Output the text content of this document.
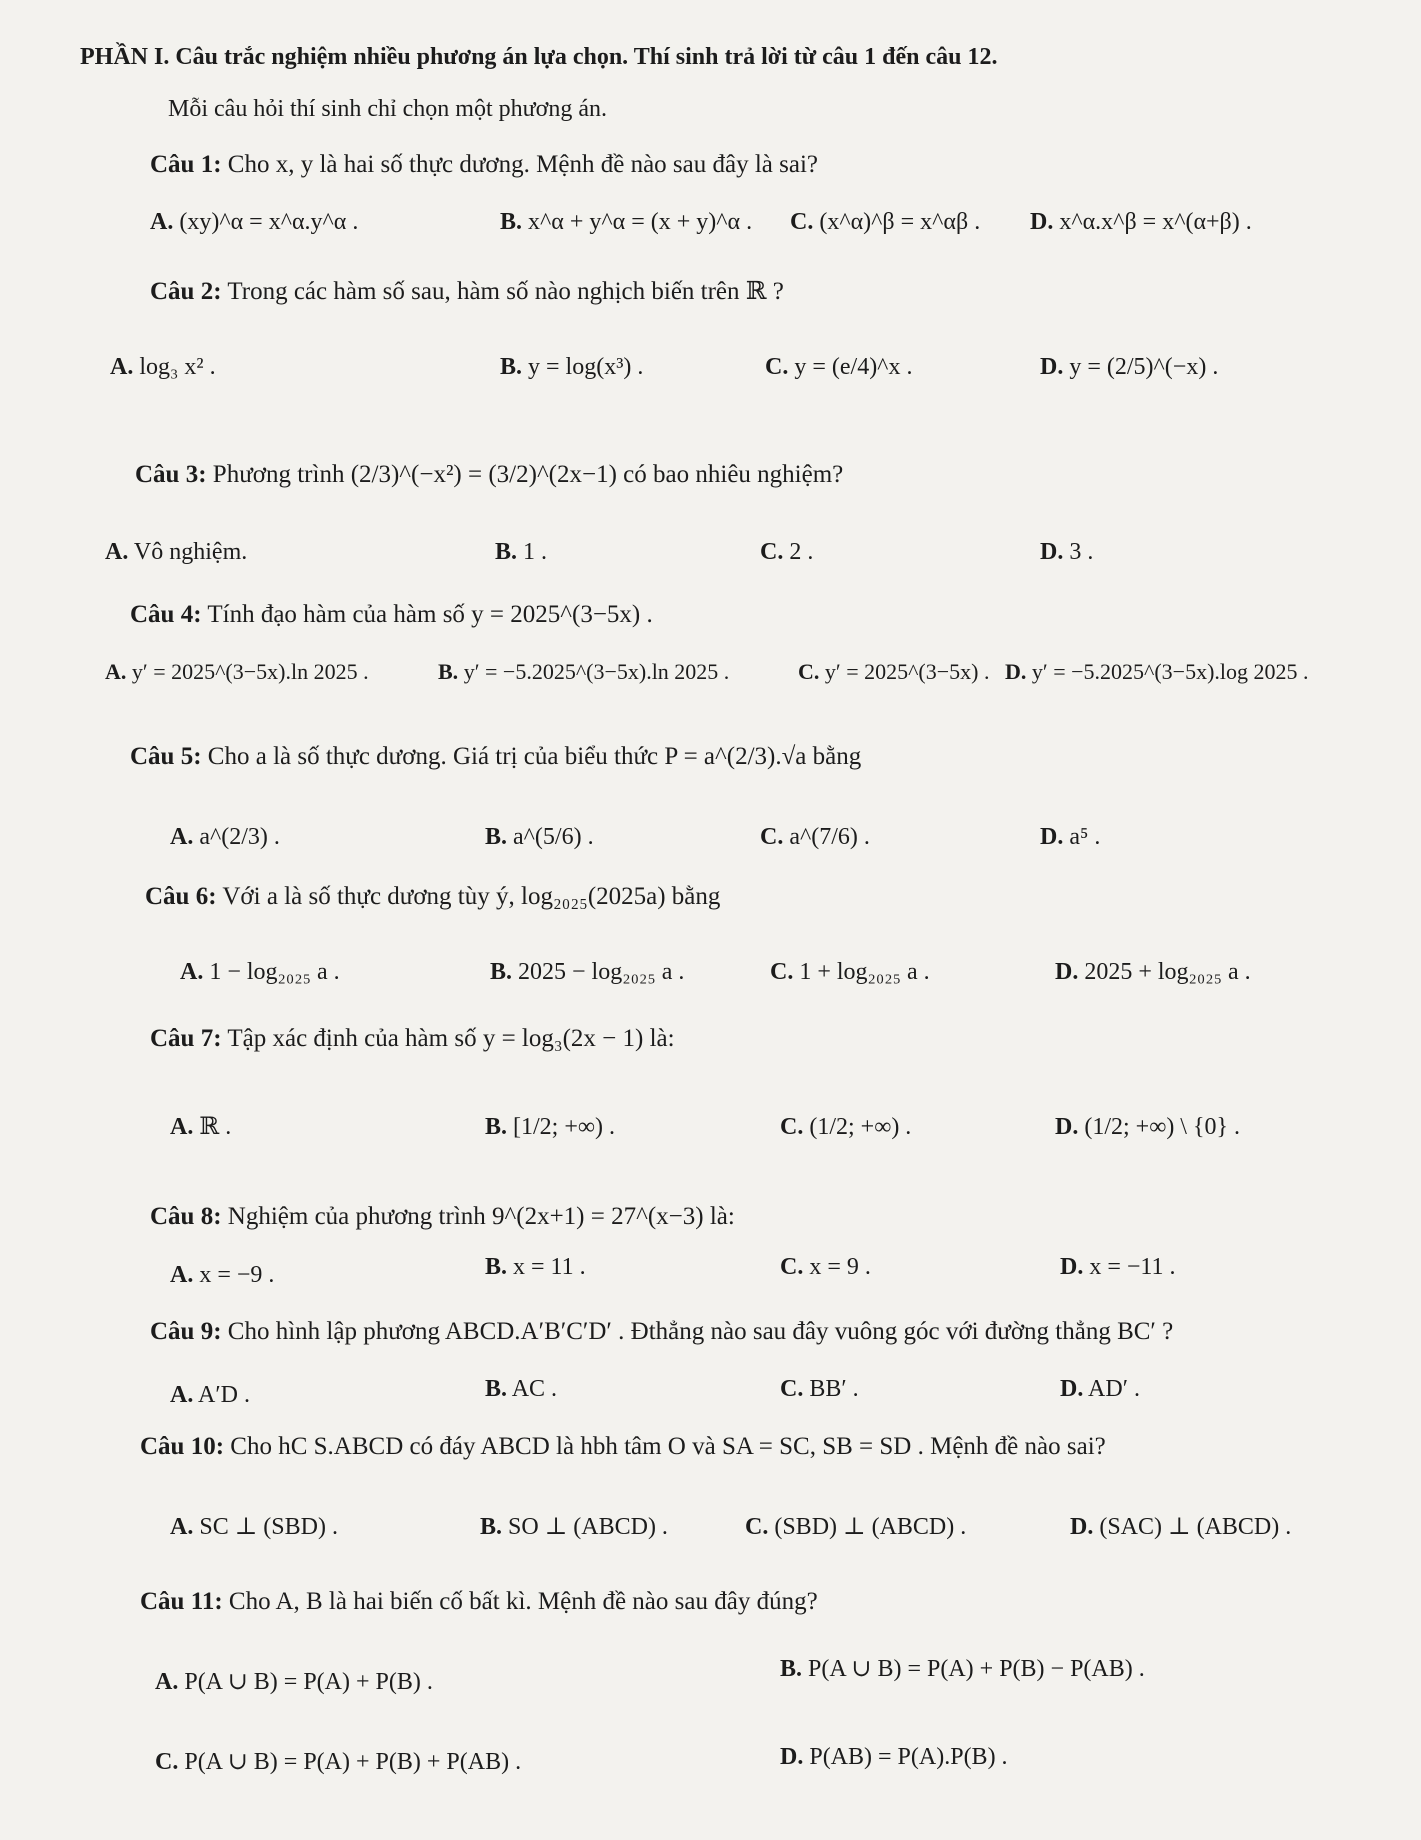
PHẦN I. Câu trắc nghiệm nhiều phương án lựa chọn. Thí sinh trả lời từ câu 1 đến câu 12.
Mỗi câu hỏi thí sinh chỉ chọn một phương án.
Câu 1: Cho x, y là hai số thực dương. Mệnh đề nào sau đây là sai?
A. (xy)^α = x^α.y^α .	B. x^α + y^α = (x + y)^α . C. (x^α)^β = x^αβ . D. x^α.x^β = x^(α+β) .
Câu 2: Trong các hàm số sau, hàm số nào nghịch biến trên ℝ ?
A. log₃ x² .	B. y = log(x³) .	C. y = (e/4)^x .	D. y = (2/5)^(−x) .
Câu 3: Phương trình (2/3)^(−x²) = (3/2)^(2x−1) có bao nhiêu nghiệm?
A. Vô nghiệm.	B. 1 .	C. 2 .	D. 3 .
Câu 4: Tính đạo hàm của hàm số y = 2025^(3−5x) .
A. y′ = 2025^(3−5x).ln 2025 .	B. y′ = −5.2025^(3−5x).ln 2025 .	C. y′ = 2025^(3−5x) . D. y′ = −5.2025^(3−5x).log 2025 .
Câu 5: Cho a là số thực dương. Giá trị của biểu thức P = a^(2/3).√a bằng
A. a^(2/3) .	B. a^(5/6) .	C. a^(7/6) .	D. a⁵ .
Câu 6: Với a là số thực dương tùy ý, log₂₀₂₅(2025a) bằng
A. 1 − log₂₀₂₅ a .	B. 2025 − log₂₀₂₅ a .	C. 1 + log₂₀₂₅ a .	D. 2025 + log₂₀₂₅ a .
Câu 7: Tập xác định của hàm số y = log₃(2x − 1) là:
A. ℝ .	B. [1/2; +∞) .	C. (1/2; +∞) .	D. (1/2; +∞) \ {0} .
Câu 8: Nghiệm của phương trình 9^(2x+1) = 27^(x−3) là:
A. x = −9 .	B. x = 11 .	C. x = 9 .	D. x = −11 .
Câu 9: Cho hình lập phương ABCD.A′B′C′D′ . Đthẳng nào sau đây vuông góc với đường thẳng BC′ ?
A. A′D .	B. AC .	C. BB′ .	D. AD′ .
Câu 10: Cho hC S.ABCD có đáy ABCD là hbh tâm O và SA = SC, SB = SD . Mệnh đề nào sai?
A. SC ⊥ (SBD) .	B. SO ⊥ (ABCD) .	C. (SBD) ⊥ (ABCD) .	D. (SAC) ⊥ (ABCD) .
Câu 11: Cho A, B là hai biến cố bất kì. Mệnh đề nào sau đây đúng?
A. P(A ∪ B) = P(A) + P(B) .	B. P(A ∪ B) = P(A) + P(B) − P(AB) .
C. P(A ∪ B) = P(A) + P(B) + P(AB) .	D. P(AB) = P(A).P(B) .
